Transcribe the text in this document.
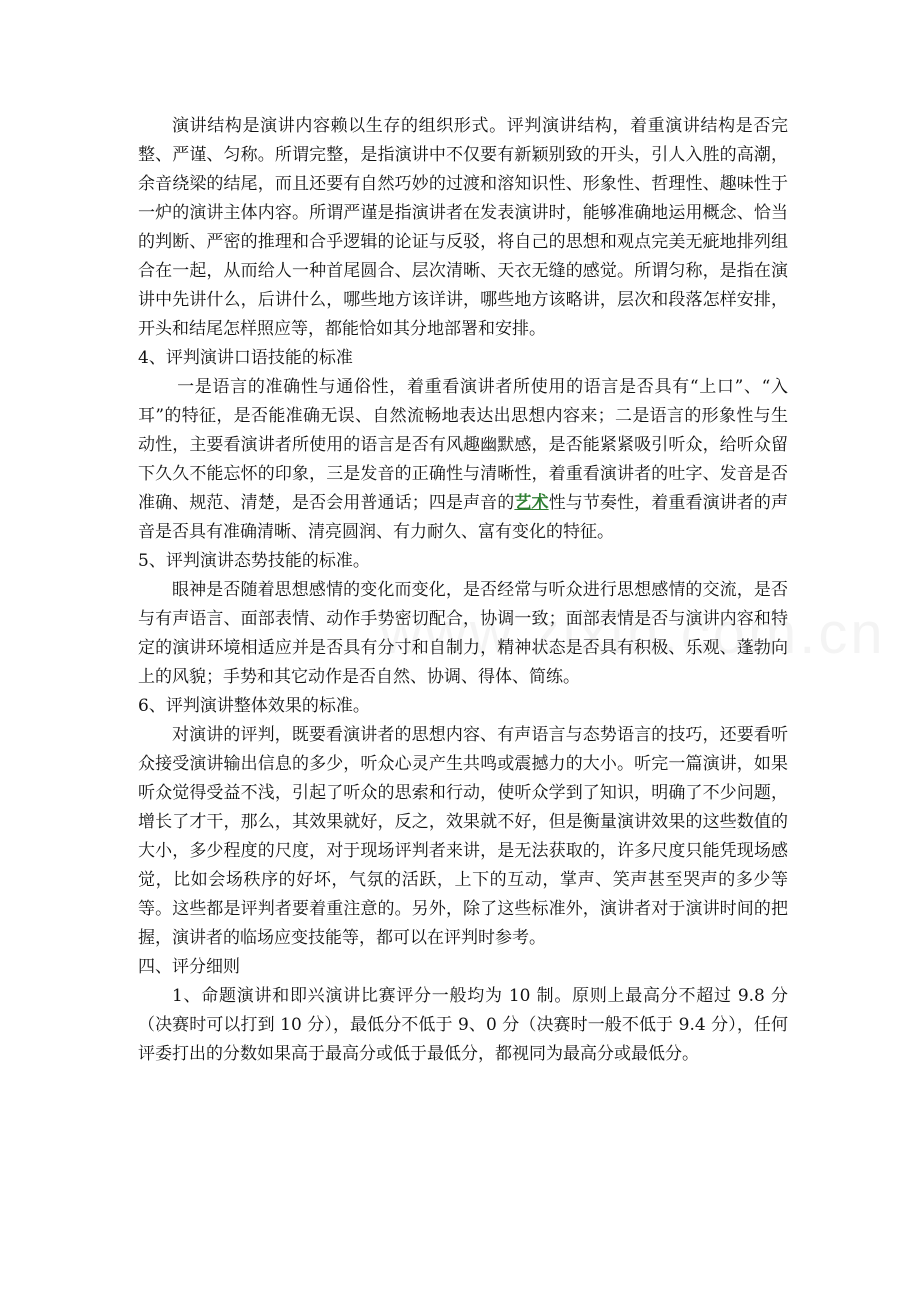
演讲结构是演讲内容赖以生存的组织形式。评判演讲结构，着重演讲结构是否完整、严谨、匀称。所谓完整，是指演讲中不仅要有新颖别致的开头，引人入胜的高潮，余音绕梁的结尾，而且还要有自然巧妙的过渡和溶知识性、形象性、哲理性、趣味性于一炉的演讲主体内容。所谓严谨是指演讲者在发表演讲时，能够准确地运用概念、恰当的判断、严密的推理和合乎逻辑的论证与反驳，将自己的思想和观点完美无疵地排列组合在一起，从而给人一种首尾圆合、层次清晰、天衣无缝的感觉。所谓匀称，是指在演讲中先讲什么，后讲什么，哪些地方该详讲，哪些地方该略讲，层次和段落怎样安排，开头和结尾怎样照应等，都能恰如其分地部署和安排。

4、评判演讲口语技能的标准

一是语言的准确性与通俗性，着重看演讲者所使用的语言是否具有“上口”、“入耳”的特征，是否能准确无误、自然流畅地表达出思想内容来；二是语言的形象性与生动性，主要看演讲者所使用的语言是否有风趣幽默感，是否能紧紧吸引听众，给听众留下久久不能忘怀的印象，三是发音的正确性与清晰性，着重看演讲者的吐字、发音是否准确、规范、清楚，是否会用普通话；四是声音的艺术性与节奏性，着重看演讲者的声音是否具有准确清晰、清亮圆润、有力耐久、富有变化的特征。

5、评判演讲态势技能的标准。

眼神是否随着思想感情的变化而变化，是否经常与听众进行思想感情的交流，是否与有声语言、面部表情、动作手势密切配合，协调一致；面部表情是否与演讲内容和特定的演讲环境相适应并是否具有分寸和自制力，精神状态是否具有积极、乐观、蓬勃向上的风貌；手势和其它动作是否自然、协调、得体、简练。

6、评判演讲整体效果的标准。

对演讲的评判，既要看演讲者的思想内容、有声语言与态势语言的技巧，还要看听众接受演讲输出信息的多少，听众心灵产生共鸣或震撼力的大小。听完一篇演讲，如果听众觉得受益不浅，引起了听众的思索和行动，使听众学到了知识，明确了不少问题，增长了才干，那么，其效果就好，反之，效果就不好，但是衡量演讲效果的这些数值的大小，多少程度的尺度，对于现场评判者来讲，是无法获取的，许多尺度只能凭现场感觉，比如会场秩序的好坏，气氛的活跃，上下的互动，掌声、笑声甚至哭声的多少等等。这些都是评判者要着重注意的。另外，除了这些标准外，演讲者对于演讲时间的把握，演讲者的临场应变技能等，都可以在评判时参考。

四、评分细则

1、命题演讲和即兴演讲比赛评分一般均为 10 制。原则上最高分不超过 9.8 分（决赛时可以打到 10 分），最低分不低于 9、0 分（决赛时一般不低于 9.4 分），任何评委打出的分数如果高于最高分或低于最低分，都视同为最高分或最低分。
